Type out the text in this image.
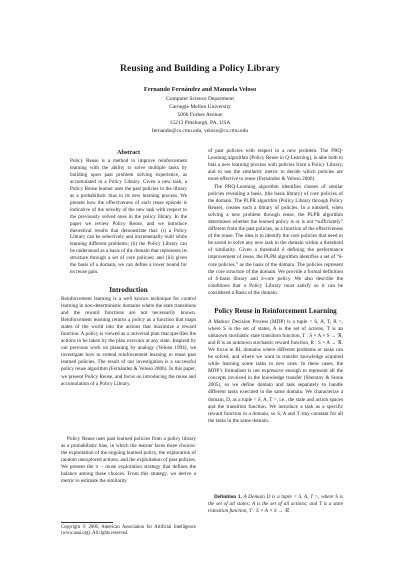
Reusing and Building a Policy Library
Fernando Fernández and Manuela Veloso
Computer Science Department
Carnegie Mellon University
5000 Forbes Avenue
15213 Pittsburgh, PA, USA
fernando@cs.cmu.edu, veloso@cs.cmu.edu
Abstract
Policy Reuse is a method to improve reinforcement learning with the ability to solve multiple tasks by building upon past problem solving experience, as accumulated in a Policy Library. Given a new task, a Policy Reuse learner uses the past policies in the library as a probabilistic bias in its new learning process. We present how the effectiveness of each reuse episode is indicative of the novelty of the new task with respect to the previously solved ones in the policy library. In the paper we review Policy Reuse, and we introduce theoretical results that demonstrate that: (i) a Policy Library can be selectively and incrementally built while learning different problems; (ii) the Policy Library can be understood as a basis of the domain that represents its structure through a set of core policies; and (iii) given the basis of a domain, we can define a lower bound for its reuse gain.
Introduction
Reinforcement learning is a well known technique for control learning in non-deterministic domains where the state transitions and the reward functions are not necessarily known. Reinforcement learning returns a policy as a function that maps states of the world into the actions that maximize a reward function. A policy is viewed as a universal plan that specifies the actions to be taken by the plan executor at any state. Inspired by our previous work on planning by analogy (Veloso 1994), we investigate how to extend reinforcement learning to reuse past learned policies. The result of our investigation is a successful policy reuse algorithm (Fernández & Veloso 2006). In this paper, we present Policy Reuse, and focus on introducing the reuse and accumulation of a Policy Library.
Policy Reuse uses past learned policies from a policy library as a probabilistic bias, in which the learner faces three choices: the exploitation of the ongoing learned policy, the exploration of random unexplored actions, and the exploitation of past policies. We present the π − reuse exploration strategy that defines the balance among these choices. From this strategy, we derive a metric to estimate the similarity
Copyright © 2006, American Association for Artificial Intelligence (www.aaai.org). All rights reserved.
of past policies with respect to a new problem. The PRQ-Learning algorithm (Policy Reuse in Q-Learning), is able both to bias a new learning process with policies from a Policy Library, and to use the similarity metric to decide which policies are more effective to reuse (Fernández & Veloso 2006).
The PRQ-Learning algorithm identifies classes of similar policies revealing a basis, (the basis library) of core policies of the domain. The PLPR algorithm (Policy Library through Policy Reuse), creates such a library of policies. In a nutshell, when solving a new problem through reuse, the PLPR algorithm determines whether the learned policy is or is not “sufficiently” different from the past policies, as a function of the effectiveness of the reuse. The idea is to identify the core policies that need to be saved to solve any new task in the domain within a threshold of similarity. Given a threshold δ defining the performance improvement of reuse, the PLPR algorithm identifies a set of “δ-core policies,” as the basis of the domain. The policies represent the core structure of the domain. We provide a formal definition of δ-basis library and δ-core policy. We also describe the conditions that a Policy Library must satisfy so it can be considered a Basis of the domain.
Policy Reuse in Reinforcement Learning
A Markov Decision Process (MDP) is a tuple < S, A, T, R >, where S is the set of states, A is the set of actions, T is an unknown stochastic state transition function, T : S × A × S → ℜ, and R is an unknown stochastic reward function, R : S × A → ℜ. We focus in RL domains where different problems or tasks can be solved, and where we want to transfer knowledge acquired while learning some tasks to new ones. In these cases, the MDP’s formalism is not expressive enough to represent all the concepts involved in the knowledge transfer (Sherstov & Stone 2005), so we define domain and task separately to handle different tasks executed in the same domain. We characterize a domain, D, as a tuple < S, A, T >, i.e., the state and action spaces and the transition function. We introduce a task as a specific reward function in a domain, so S, A and T stay constant for all the tasks in the same domain.
Definition 1. A Domain D is a tuple < S, A, T >, where S is the set of all states; A is the set of all actions; and T is a state transition function, T : S × A × S → ℜ.
